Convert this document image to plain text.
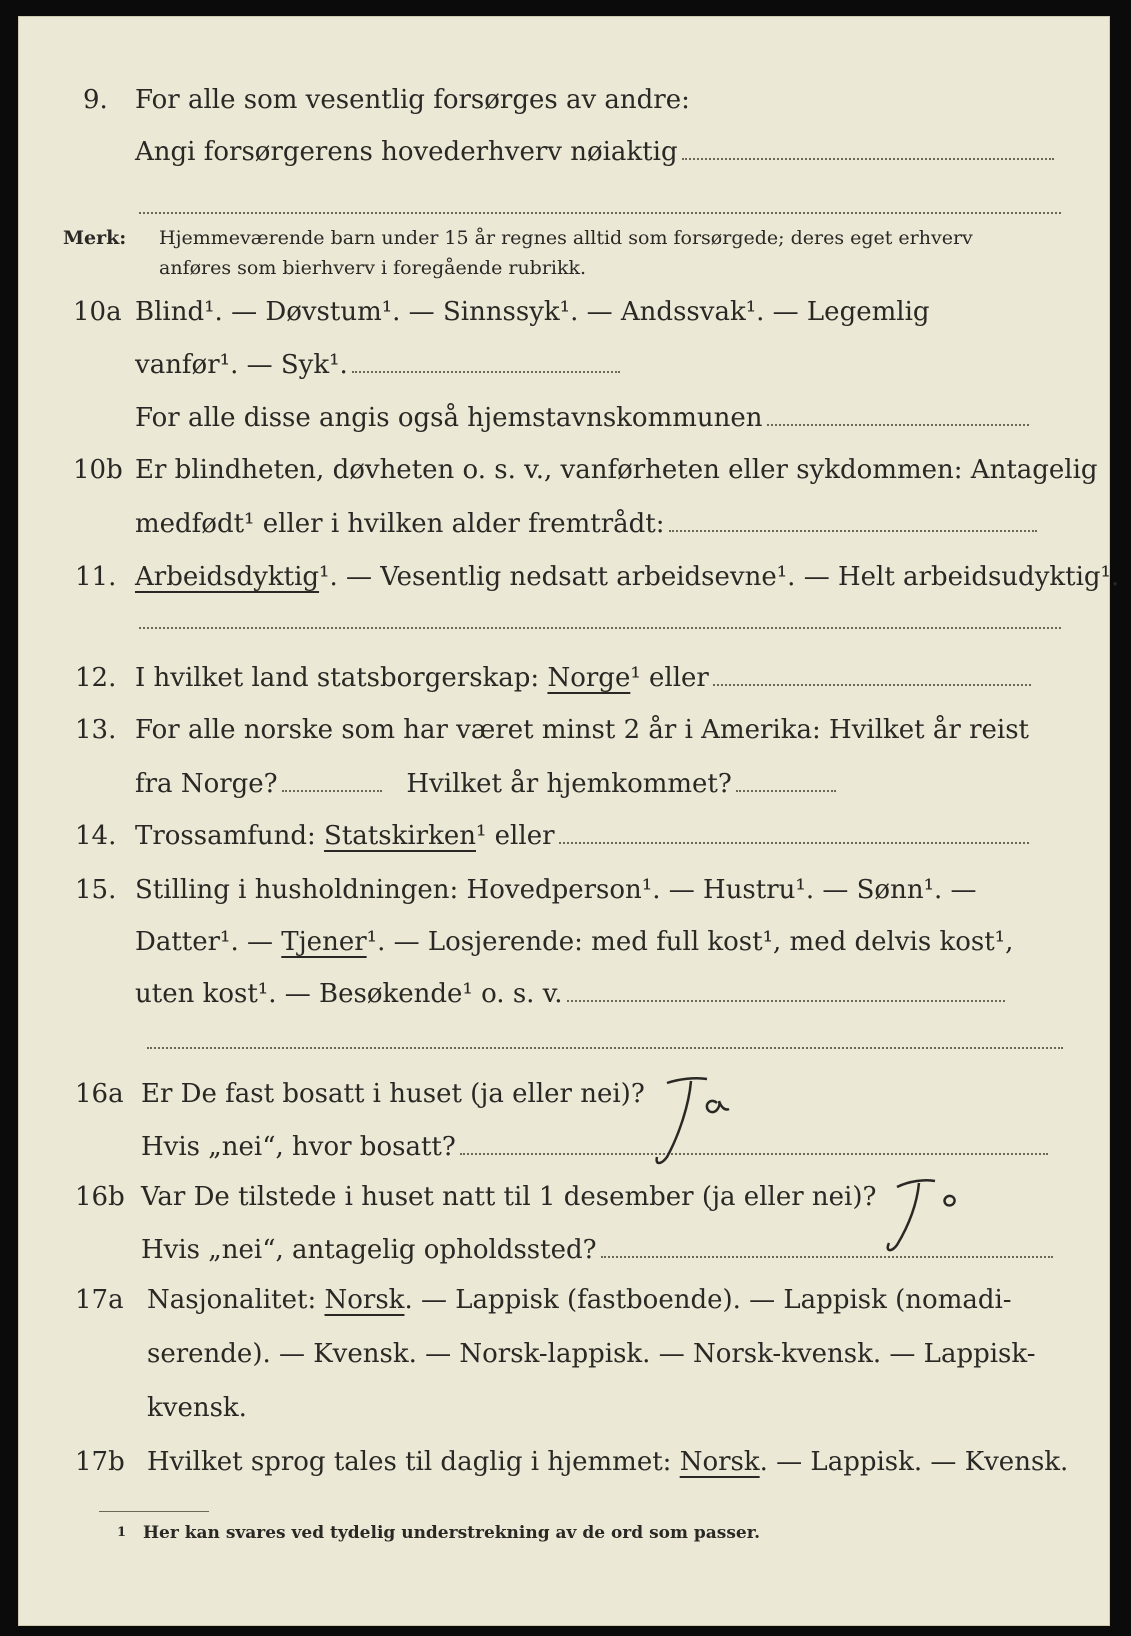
9. For alle som vesentlig forsørges av andre:
Angi forsørgerens hovederhverv nøiaktig
Merk: Hjemmeværende barn under 15 år regnes alltid som forsørgede; deres eget erhverv
anføres som bierhverv i foregående rubrikk.
10a Blind¹. — Døvstum¹. — Sinnssyk¹. — Andssvak¹. — Legemlig
vanfør¹. — Syk¹.
For alle disse angis også hjemstavnskommunen
10b Er blindheten, døvheten o. s. v., vanførheten eller sykdommen: Antagelig
medfødt¹ eller i hvilken alder fremtrådt:
11. Arbeidsdyktig¹. — Vesentlig nedsatt arbeidsevne¹. — Helt arbeidsudyktig¹.
12. I hvilket land statsborgerskap: Norge¹ eller
13. For alle norske som har været minst 2 år i Amerika: Hvilket år reist
fra Norge?	Hvilket år hjemkommet?
14. Trossamfund: Statskirken¹ eller
15. Stilling i husholdningen: Hovedperson¹. — Hustru¹. — Sønn¹. —
Datter¹. — Tjener¹. — Losjerende: med full kost¹, med delvis kost¹,
uten kost¹. — Besøkende¹ o. s. v.
16a Er De fast bosatt i huset (ja eller nei)?
Hvis „nei“, hvor bosatt?
16b Var De tilstede i huset natt til 1 desember (ja eller nei)?
Hvis „nei“, antagelig opholdssted?
17a Nasjonalitet: Norsk. — Lappisk (fastboende). — Lappisk (nomadi-
serende). — Kvensk. — Norsk-lappisk. — Norsk-kvensk. — Lappisk-
kvensk.
17b Hvilket sprog tales til daglig i hjemmet: Norsk. — Lappisk. — Kvensk.
1 Her kan svares ved tydelig understrekning av de ord som passer.
